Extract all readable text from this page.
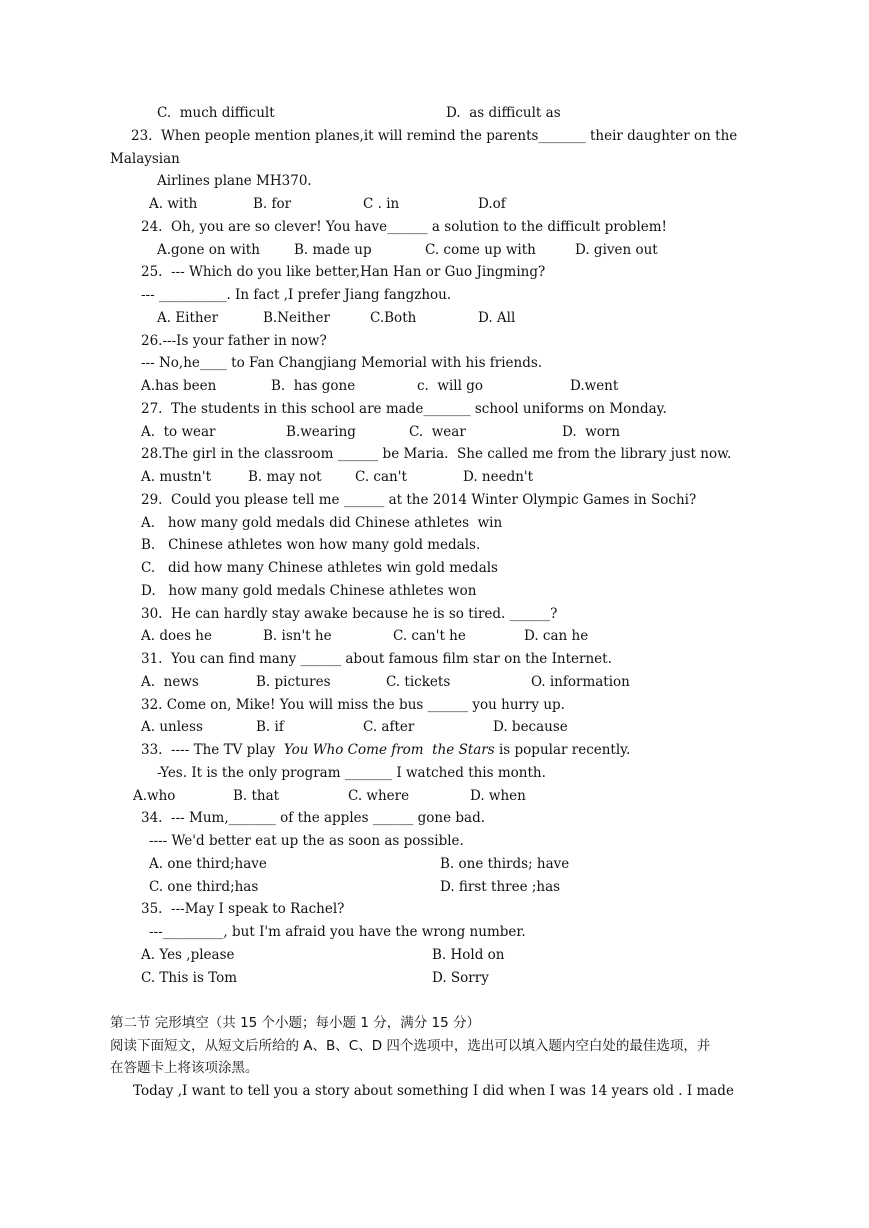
C.  much difficult	D.  as difficult as
23.  When people mention planes,it will remind the parents_______ their daughter on the
Malaysian
Airlines plane MH370.
A. with	B. for	C . in	D.of
24.  Oh, you are so clever! You have______ a solution to the difficult problem!
A.gone on with	B. made up	C. come up with	D. given out
25.  --- Which do you like better,Han Han or Guo Jingming?
--- __________. In fact ,I prefer Jiang fangzhou.
A. Either	B.Neither	C.Both	D. All
26.---Is your father in now?
--- No,he____ to Fan Changjiang Memorial with his friends.
A.has been	B.  has gone	c.  will go	D.went
27.  The students in this school are made_______ school uniforms on Monday.
A.  to wear	B.wearing	C.  wear	D.  worn
28.The girl in the classroom ______ be Maria.  She called me from the library just now.
A. mustn't	B. may not C. can't	D. needn't
29.  Could you please tell me ______ at the 2014 Winter Olympic Games in Sochi?
A.   how many gold medals did Chinese athletes  win
B.   Chinese athletes won how many gold medals.
C.   did how many Chinese athletes win gold medals
D.   how many gold medals Chinese athletes won
30.  He can hardly stay awake because he is so tired. ______?
A. does he	B. isn't he	C. can't he	D. can he
31.  You can find many ______ about famous film star on the Internet.
A.  news	B. pictures	C. tickets	O. information
32. Come on, Mike! You will miss the bus ______ you hurry up.
A. unless	B. if	C. after	D. because
33.  ---- The TV play  You Who Come from  the Stars is popular recently.
-Yes. It is the only program _______ I watched this month.
A.who	B. that	C. where	D. when
34.  --- Mum,_______ of the apples ______ gone bad.
---- We'd better eat up the as soon as possible.
A. one third;have	B. one thirds; have
C. one third;has	D. first three ;has
35.  ---May I speak to Rachel?
---_________, but I'm afraid you have the wrong number.
A. Yes ,please	B. Hold on
C. This is Tom	D. Sorry
第二节 完形填空（共 15 个小题；每小题 1 分，满分 15 分）
阅读下面短文，从短文后所给的 A、B、C、D 四个选项中，选出可以填入题内空白处的最佳选项，并
在答题卡上将该项涂黑。
Today ,I want to tell you a story about something I did when I was 14 years old . I made
